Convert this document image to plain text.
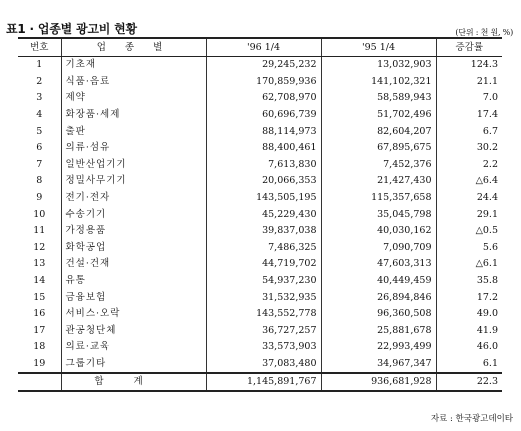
표1 · 업종별 광고비 현황	(단위 : 천 원, %)
번호	업 종 별	'96 1/4	'95 1/4	증감률
1	기초재	29,245,232	13,032,903	124.3
2	식품·음료	170,859,936	141,102,321	21.1
3	제약	62,708,970	58,589,943	7.0
4	화장품·세제	60,696,739	51,702,496	17.4
5	출판	88,114,973	82,604,207	6.7
6	의류·섬유	88,400,461	67,895,675	30.2
7	일반산업기기	7,613,830	7,452,376	2.2
8	정밀사무기기	20,066,353	21,427,430	△6.4
9	전기·전자	143,505,195	115,357,658	24.4
10	수송기기	45,229,430	35,045,798	29.1
11	가정용품	39,837,038	40,030,162	△0.5
12	화학공업	7,486,325	7,090,709	5.6
13	건설·건재	44,719,702	47,603,313	△6.1
14	유통	54,937,230	40,449,459	35.8
15	금융보험	31,532,935	26,894,846	17.2
16	서비스·오락	143,552,778	96,360,508	49.0
17	관공청단체	36,727,257	25,881,678	41.9
18	의료·교육	33,573,903	22,993,499	46.0
19	그룹기타	37,083,480	34,967,347	6.1
	합계	1,145,891,767	936,681,928	22.3
자료 : 한국광고데이타
